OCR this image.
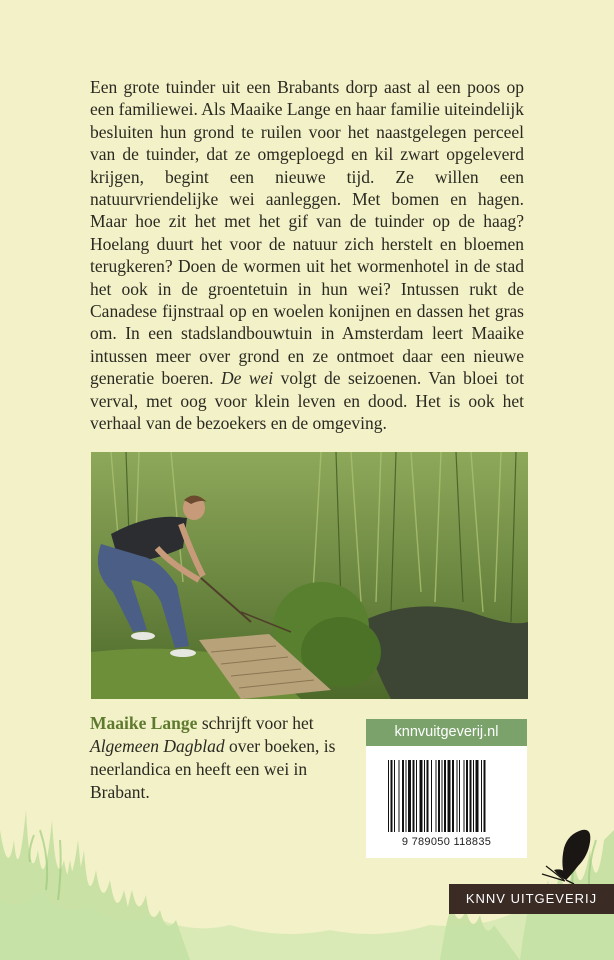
Een grote tuinder uit een Brabants dorp aast al een poos op een familiewei. Als Maaike Lange en haar familie uiteindelijk besluiten hun grond te ruilen voor het naastgelegen perceel van de tuinder, dat ze omgeploegd en kil zwart opgeleverd krijgen, begint een nieuwe tijd. Ze willen een natuurvriendelijke wei aanleggen. Met bomen en hagen. Maar hoe zit het met het gif van de tuinder op de haag? Hoelang duurt het voor de natuur zich herstelt en bloemen terugkeren? Doen de wormen uit het wormenhotel in de stad het ook in de groentetuin in hun wei? Intussen rukt de Canadese fijnstraal op en woelen konijnen en dassen het gras om. In een stadslandbouwtuin in Amsterdam leert Maaike intussen meer over grond en ze ontmoet daar een nieuwe generatie boeren. De wei volgt de seizoenen. Van bloei tot verval, met oog voor klein leven en dood. Het is ook het verhaal van de bezoekers en de omgeving.

Maaike Lange schrijft voor het Algemeen Dagblad over boeken, is neerlandica en heeft een wei in Brabant.

knnvuitgeverij.nl
9 789050 118835
KNNV UITGEVERIJ
